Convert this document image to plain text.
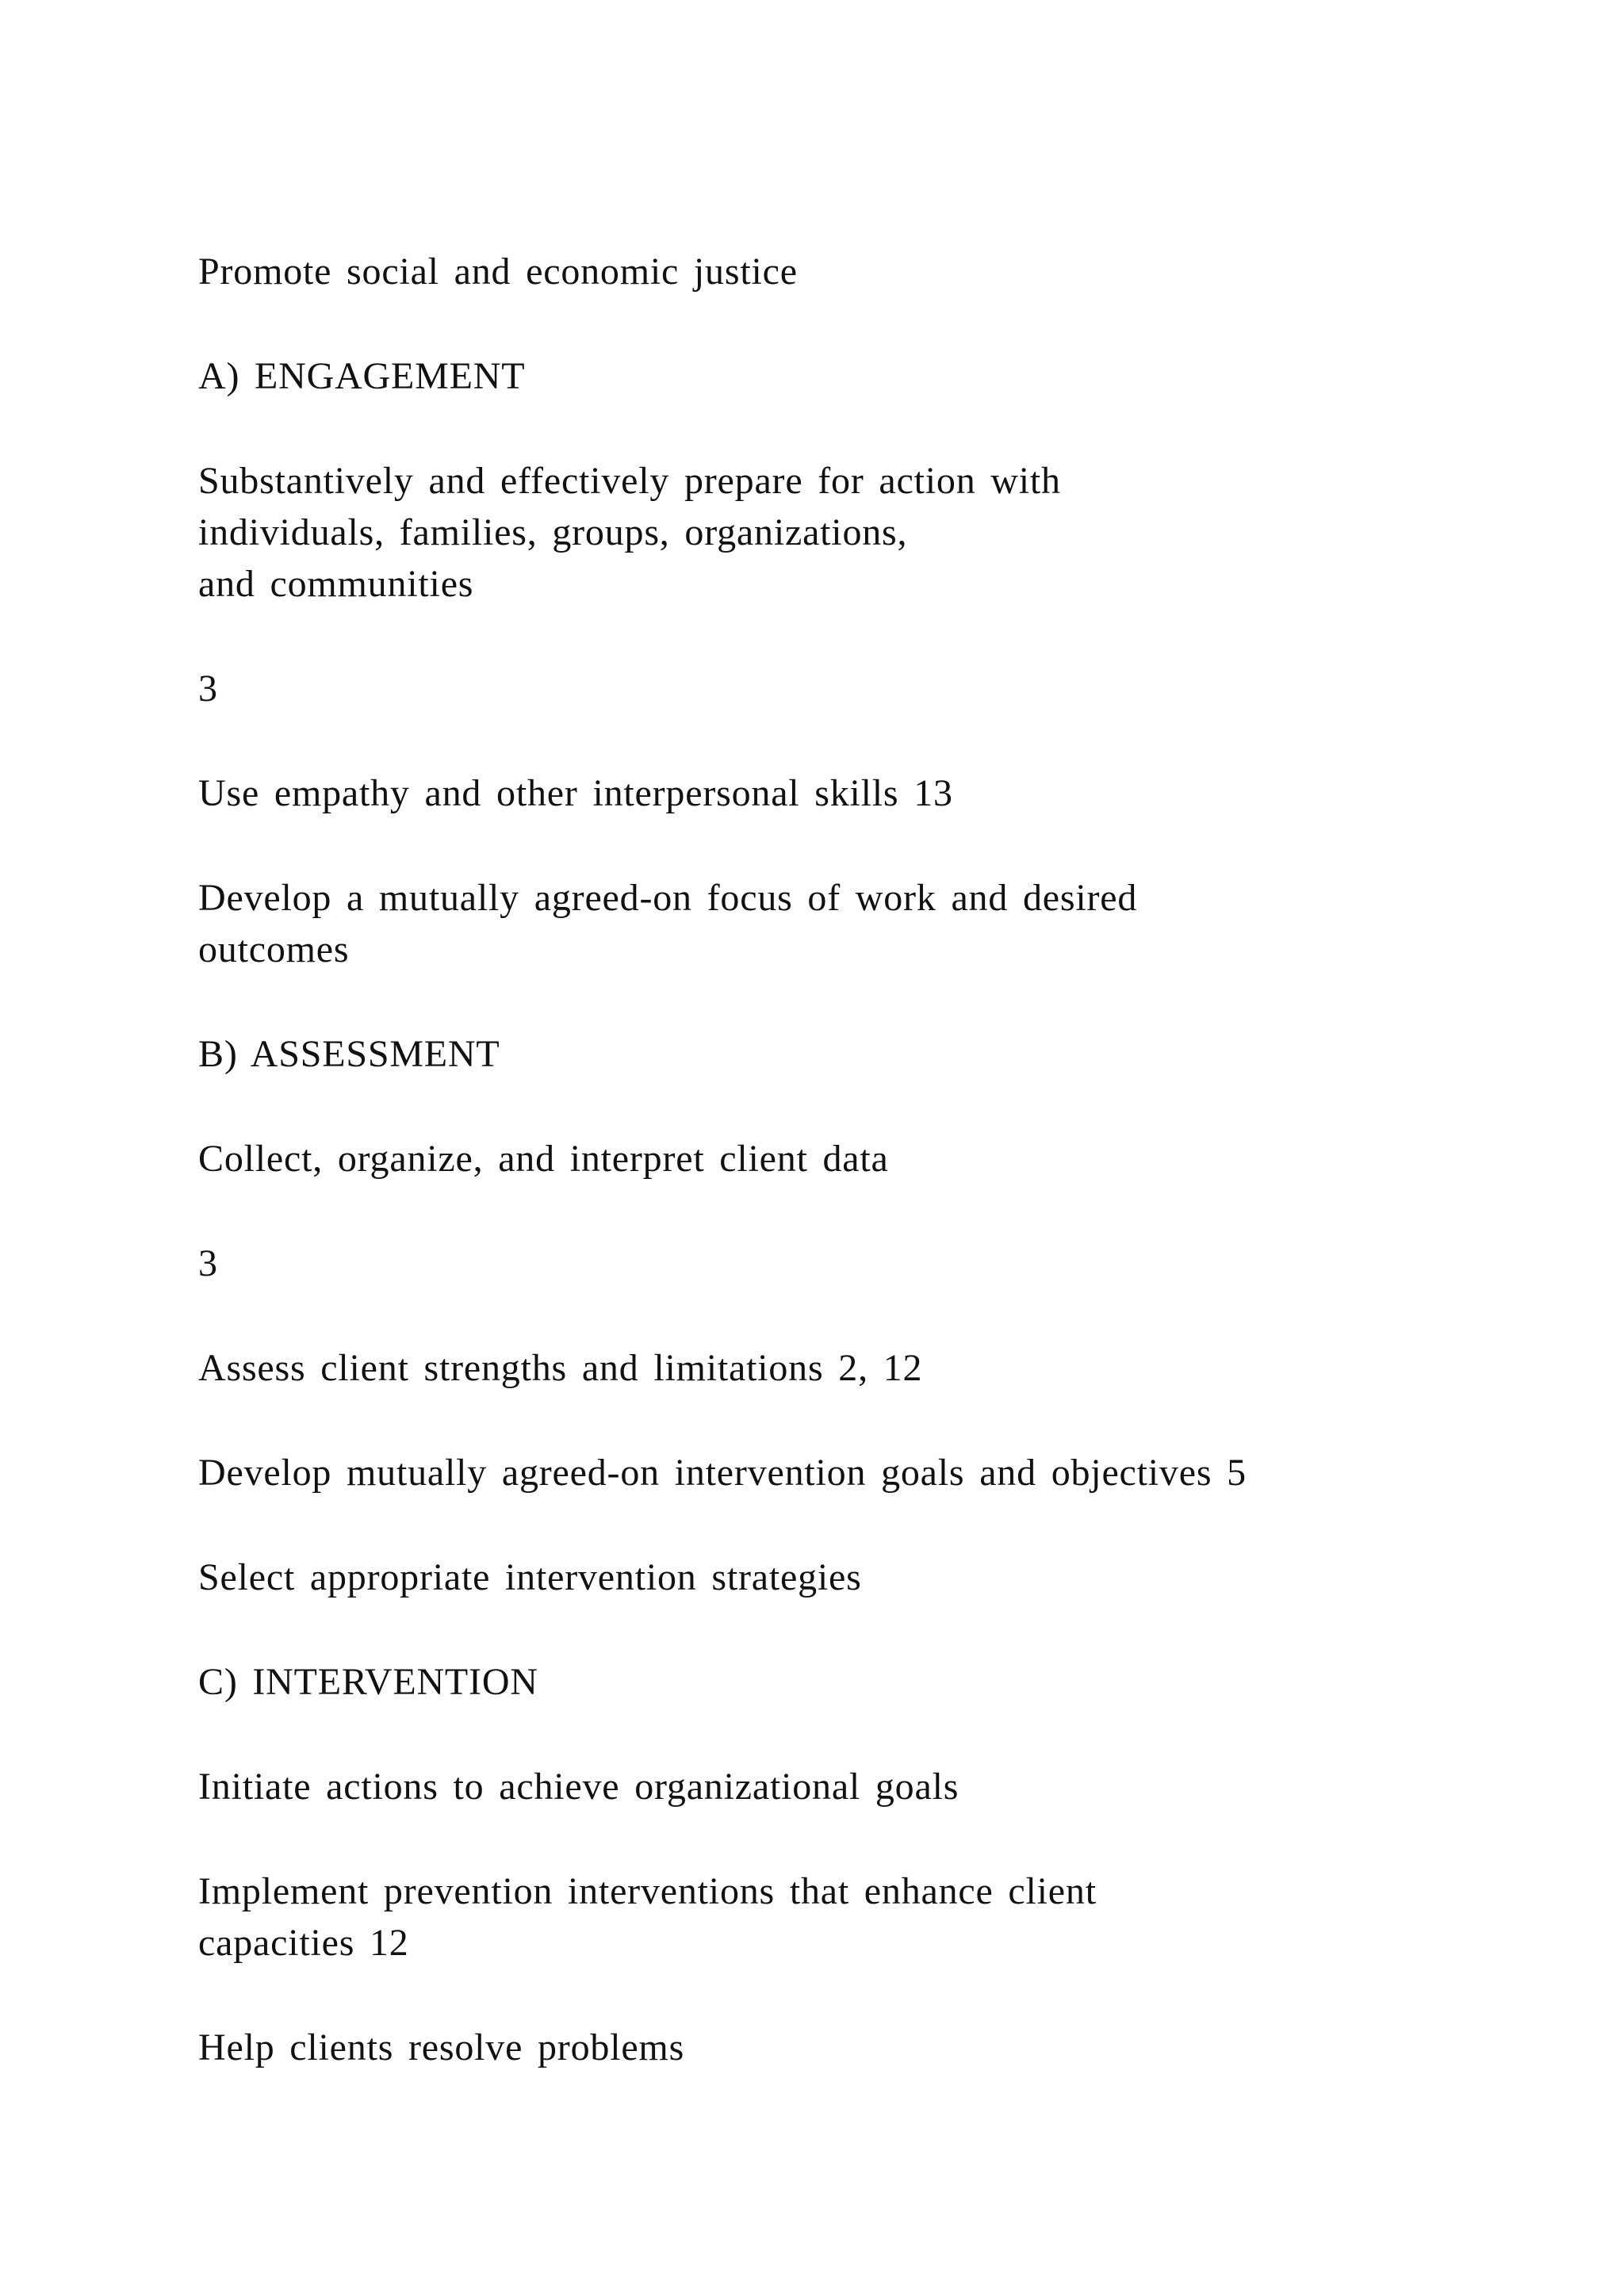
Promote social and economic justice

A) ENGAGEMENT

Substantively and effectively prepare for action with

individuals, families, groups, organizations,

and communities

3

Use empathy and other interpersonal skills 13

Develop a mutually agreed-on focus of work and desired

outcomes

B) ASSESSMENT

Collect, organize, and interpret client data

3

Assess client strengths and limitations 2, 12

Develop mutually agreed-on intervention goals and objectives 5

Select appropriate intervention strategies

C) INTERVENTION

Initiate actions to achieve organizational goals

Implement prevention interventions that enhance client

capacities 12

Help clients resolve problems
